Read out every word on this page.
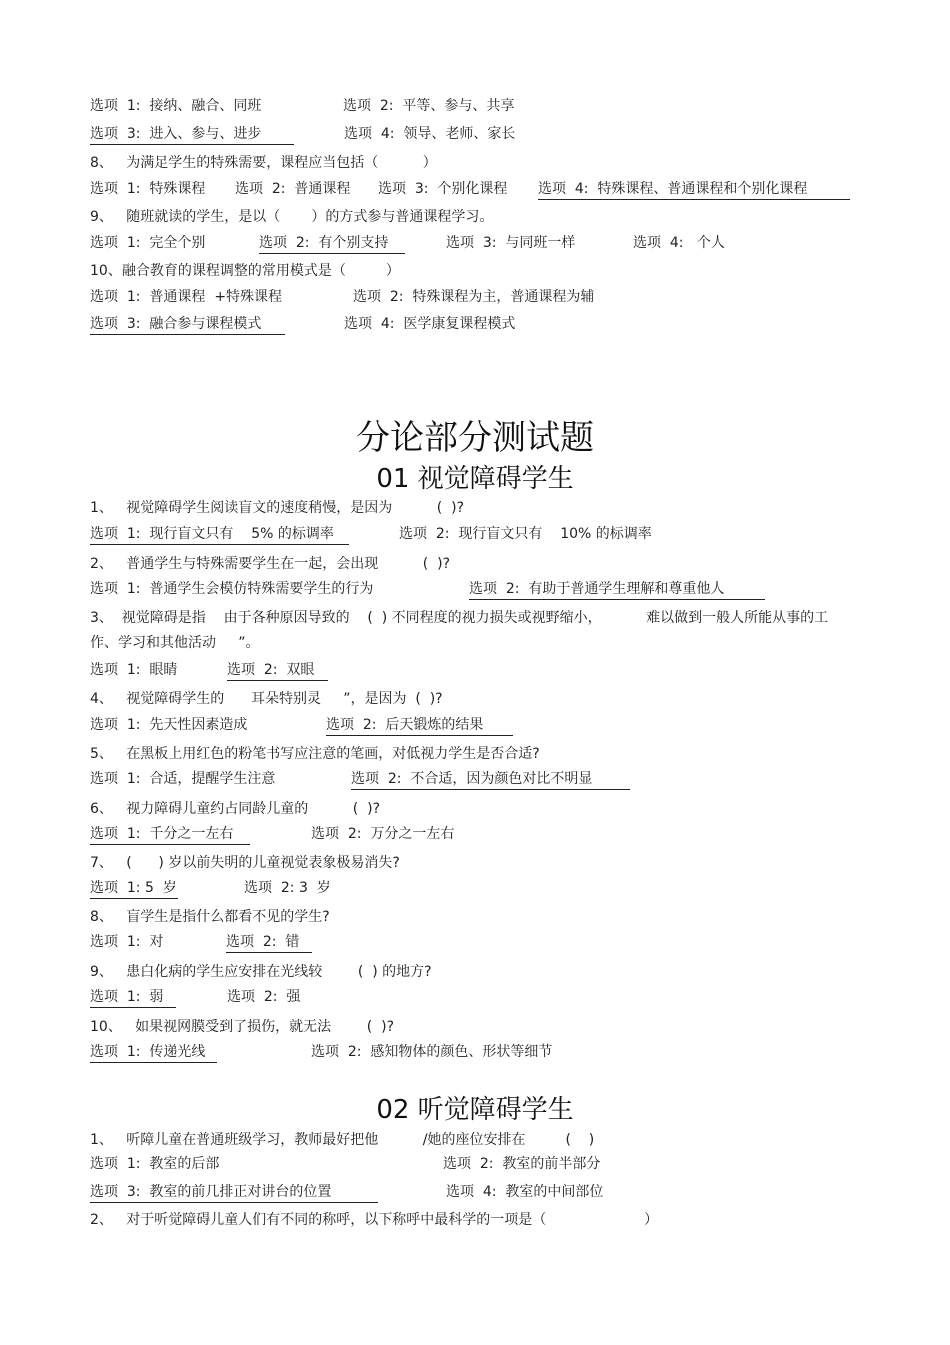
选项  1:  接纳、融合、同班	选项  2:  平等、参与、共享
选项  3:  进入、参与、进步	选项  4:  领导、老师、家长
8、   为满足学生的特殊需要，课程应当包括（          ）
选项  1:  特殊课程 选项  2:  普通课程 选项  3:  个别化课程 选项  4:  特殊课程、普通课程和个别化课程
9、   随班就读的学生，是以（       ）的方式参与普通课程学习。
选项  1:  完全个别	选项  2:  有个别支持	选项  3:  与同班一样	选项  4:   个人
10、融合教育的课程调整的常用模式是（         ）
选项  1:  普通课程  +特殊课程	选项  2:  特殊课程为主，普通课程为辅
选项  3:  融合参与课程模式	选项  4:  医学康复课程模式
分论部分测试题
01 视觉障碍学生
1、   视觉障碍学生阅读盲文的速度稍慢，是因为          (  )?
选项  1:  现行盲文只有    5% 的标调率	选项  2:  现行盲文只有    10% 的标调率
2、   普通学生与特殊需要学生在一起，会出现          (  )?
选项  1:  普通学生会模仿特殊需要学生的行为	选项  2:  有助于普通学生理解和尊重他人
3、  视觉障碍是指    由于各种原因导致的    (  ) 不同程度的视力损失或视野缩小，          难以做到一般人所能从事的工
作、学习和其他活动     ”。
选项  1:  眼睛	选项  2:  双眼
4、   视觉障碍学生的      耳朵特别灵     ”，是因为  (  )?
选项  1:  先天性因素造成	选项  2:  后天锻炼的结果
5、   在黑板上用红色的粉笔书写应注意的笔画，对低视力学生是否合适?
选项  1:  合适，提醒学生注意	选项  2:  不合适，因为颜色对比不明显
6、   视力障碍儿童约占同龄儿童的          (  )?
选项  1:  千分之一左右	选项  2:  万分之一左右
7、   (      ) 岁以前失明的儿童视觉表象极易消失?
选项  1: 5  岁	选项  2: 3  岁
8、   盲学生是指什么都看不见的学生?
选项  1:  对	选项  2:  错
9、   患白化病的学生应安排在光线较        (  ) 的地方?
选项  1:  弱	选项  2:  强
10、   如果视网膜受到了损伤，就无法        (  )?
选项  1:  传递光线	选项  2:  感知物体的颜色、形状等细节
02 听觉障碍学生
1、   听障儿童在普通班级学习，教师最好把他          /她的座位安排在         (    )
选项  1:  教室的后部	选项  2:  教室的前半部分
选项  3:  教室的前几排正对讲台的位置	选项  4:  教室的中间部位
2、   对于听觉障碍儿童人们有不同的称呼，以下称呼中最科学的一项是（                      ）
